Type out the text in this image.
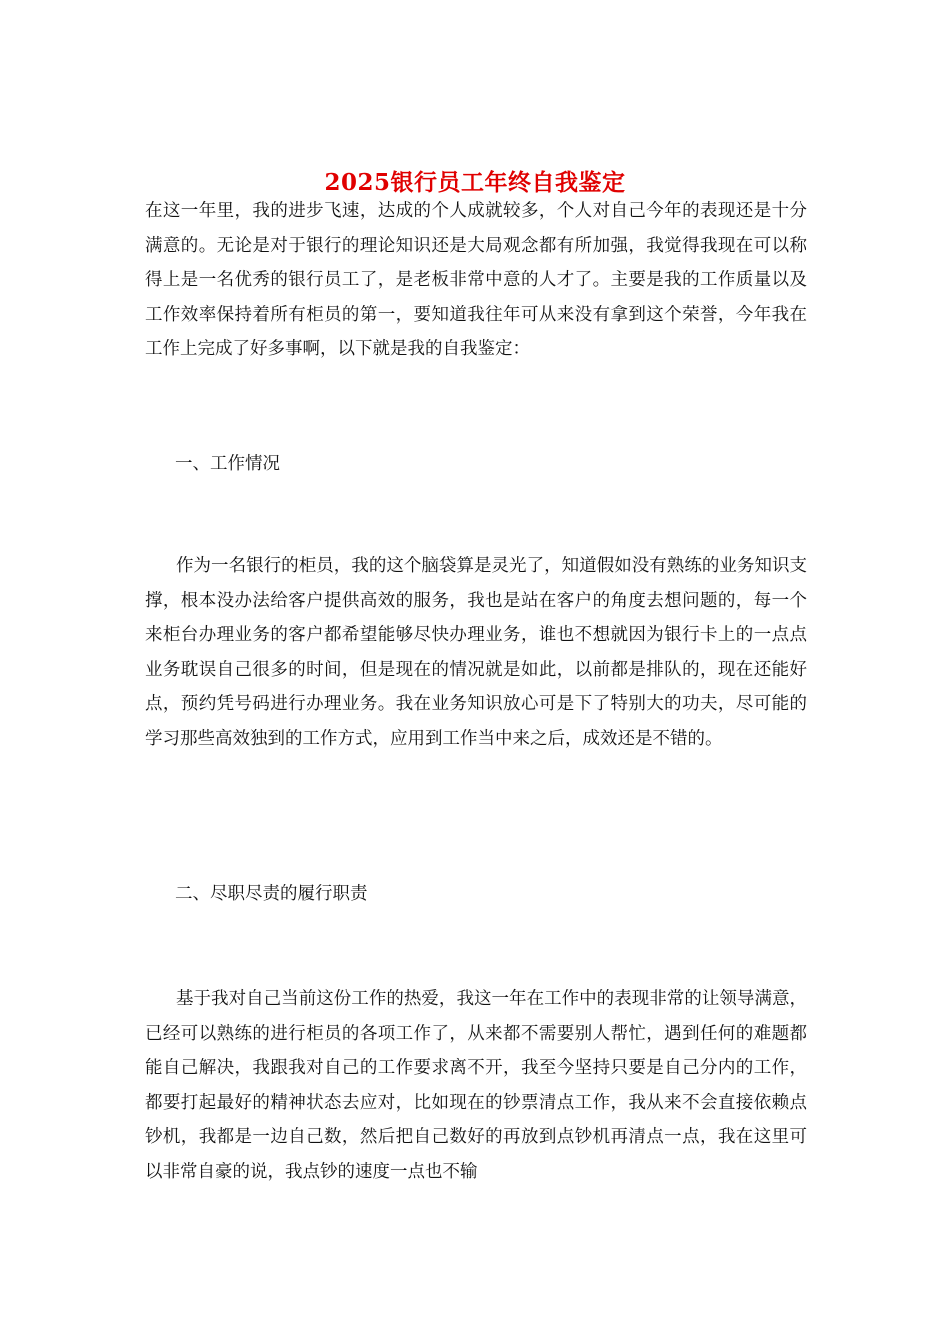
2025银行员工年终自我鉴定

在这一年里，我的进步飞速，达成的个人成就较多，个人对自己今年的表现还是十分满意的。无论是对于银行的理论知识还是大局观念都有所加强，我觉得我现在可以称得上是一名优秀的银行员工了，是老板非常中意的人才了。主要是我的工作质量以及工作效率保持着所有柜员的第一，要知道我往年可从来没有拿到这个荣誉，今年我在工作上完成了好多事啊，以下就是我的自我鉴定：

一、工作情况

作为一名银行的柜员，我的这个脑袋算是灵光了，知道假如没有熟练的业务知识支撑，根本没办法给客户提供高效的服务，我也是站在客户的角度去想问题的，每一个来柜台办理业务的客户都希望能够尽快办理业务，谁也不想就因为银行卡上的一点点业务耽误自己很多的时间，但是现在的情况就是如此，以前都是排队的，现在还能好点，预约凭号码进行办理业务。我在业务知识放心可是下了特别大的功夫，尽可能的学习那些高效独到的工作方式，应用到工作当中来之后，成效还是不错的。

二、尽职尽责的履行职责

基于我对自己当前这份工作的热爱，我这一年在工作中的表现非常的让领导满意，已经可以熟练的进行柜员的各项工作了，从来都不需要别人帮忙，遇到任何的难题都能自己解决，我跟我对自己的工作要求离不开，我至今坚持只要是自己分内的工作，都要打起最好的精神状态去应对，比如现在的钞票清点工作，我从来不会直接依赖点钞机，我都是一边自己数，然后把自己数好的再放到点钞机再清点一点，我在这里可以非常自豪的说，我点钞的速度一点也不输
